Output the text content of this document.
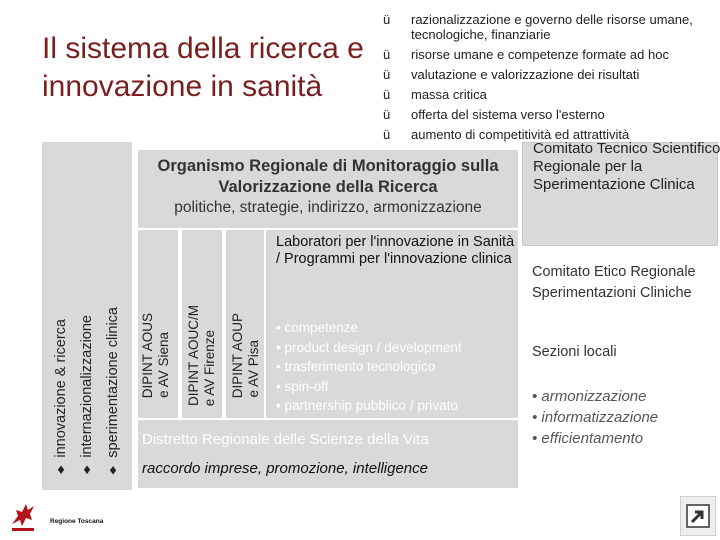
Il sistema della ricerca e innovazione in sanità
ü	razionalizzazione e governo delle risorse umane, tecnologiche, finanziarie
ü	risorse umane e competenze formate ad hoc
ü	valutazione e valorizzazione dei risultati
ü	massa critica
ü	offerta del sistema verso l'esterno
ü	aumento di competitività ed attrattività
♦ innovazione & ricerca ♦ internazionalizzazione ♦ sperimentazione clinica
Organismo Regionale di Monitoraggio sulla
Valorizzazione della Ricerca
politiche, strategie, indirizzo, armonizzazione
Comitato Tecnico Scientifico Regionale per la Sperimentazione Clinica
DIPINT AOUS e AV Siena DIPINT AOUC/M e AV Firenze DIPINT AOUP e AV Pisa
Laboratori per l'innovazione in Sanità / Programmi per l'innovazione clinica
• competenze
• product design / development
• trasferimento tecnologico
• spin-off
• partnership pubblico / privato
Distretto Regionale delle Scienze della Vita
raccordo imprese, promozione, intelligence
Comitato Etico Regionale Sperimentazioni Cliniche
Sezioni locali
• armonizzazione
• informatizzazione
• efficientamento
Regione Toscana
